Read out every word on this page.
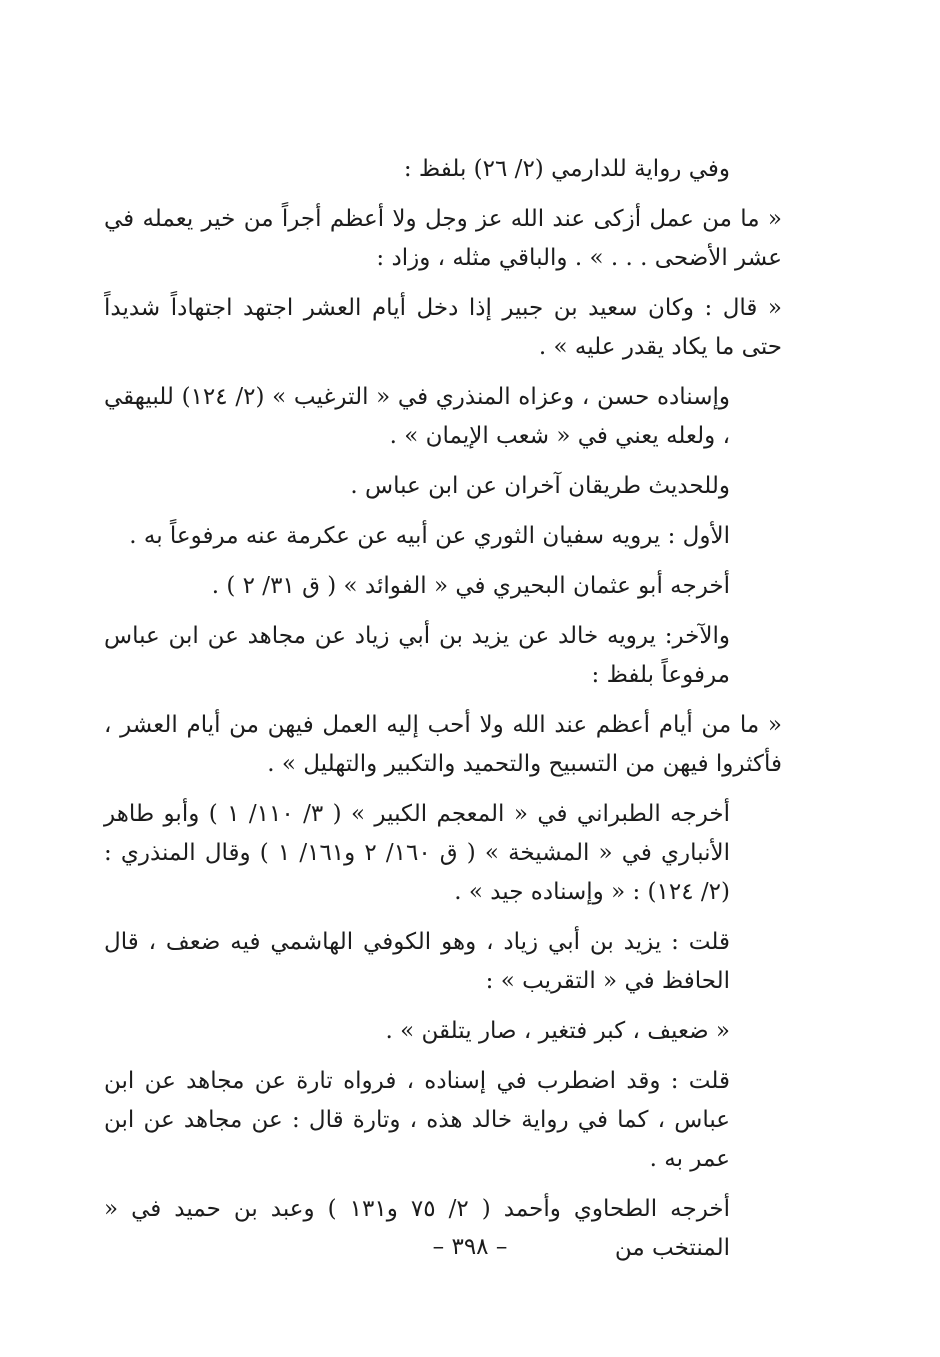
وفي رواية للدارمي (٢/ ٢٦) بلفظ :

« ما من عمل أزكى عند الله عز وجل ولا أعظم أجراً من خير يعمله في عشر الأضحى . . . » . والباقي مثله ، وزاد :

« قال : وكان سعيد بن جبير إذا دخل أيام العشر اجتهد اجتهاداً شديداً حتى ما يكاد يقدر عليه » .

وإسناده حسن ، وعزاه المنذري في « الترغيب » (٢/ ١٢٤) للبيهقي ، ولعله يعني في « شعب الإيمان » .

وللحديث طريقان آخران عن ابن عباس .

الأول : يرويه سفيان الثوري عن أبيه عن عكرمة عنه مرفوعاً به .

أخرجه أبو عثمان البحيري في « الفوائد » ( ق ٣١/ ٢ ) .

والآخر: يرويه خالد عن يزيد بن أبي زياد عن مجاهد عن ابن عباس مرفوعاً بلفظ :

« ما من أيام أعظم عند الله ولا أحب إليه العمل فيهن من أيام العشر ، فأكثروا فيهن من التسبيح والتحميد والتكبير والتهليل » .

أخرجه الطبراني في « المعجم الكبير » ( ٣/ ١١٠/ ١ ) وأبو طاهر الأنباري في « المشيخة » ( ق ١٦٠/ ٢ و١٦١/ ١ ) وقال المنذري : (٢/ ١٢٤) : « وإسناده جيد » .

قلت : يزيد بن أبي زياد ، وهو الكوفي الهاشمي فيه ضعف ، قال الحافظ في « التقريب » :

« ضعيف ، كبر فتغير ، صار يتلقن » .

قلت : وقد اضطرب في إسناده ، فرواه تارة عن مجاهد عن ابن عباس ، كما في رواية خالد هذه ، وتارة قال : عن مجاهد عن ابن عمر به .

أخرجه الطحاوي وأحمد ( ٢/ ٧٥ و١٣١ ) وعبد بن حميد في « المنتخب من

– ٣٩٨ –
